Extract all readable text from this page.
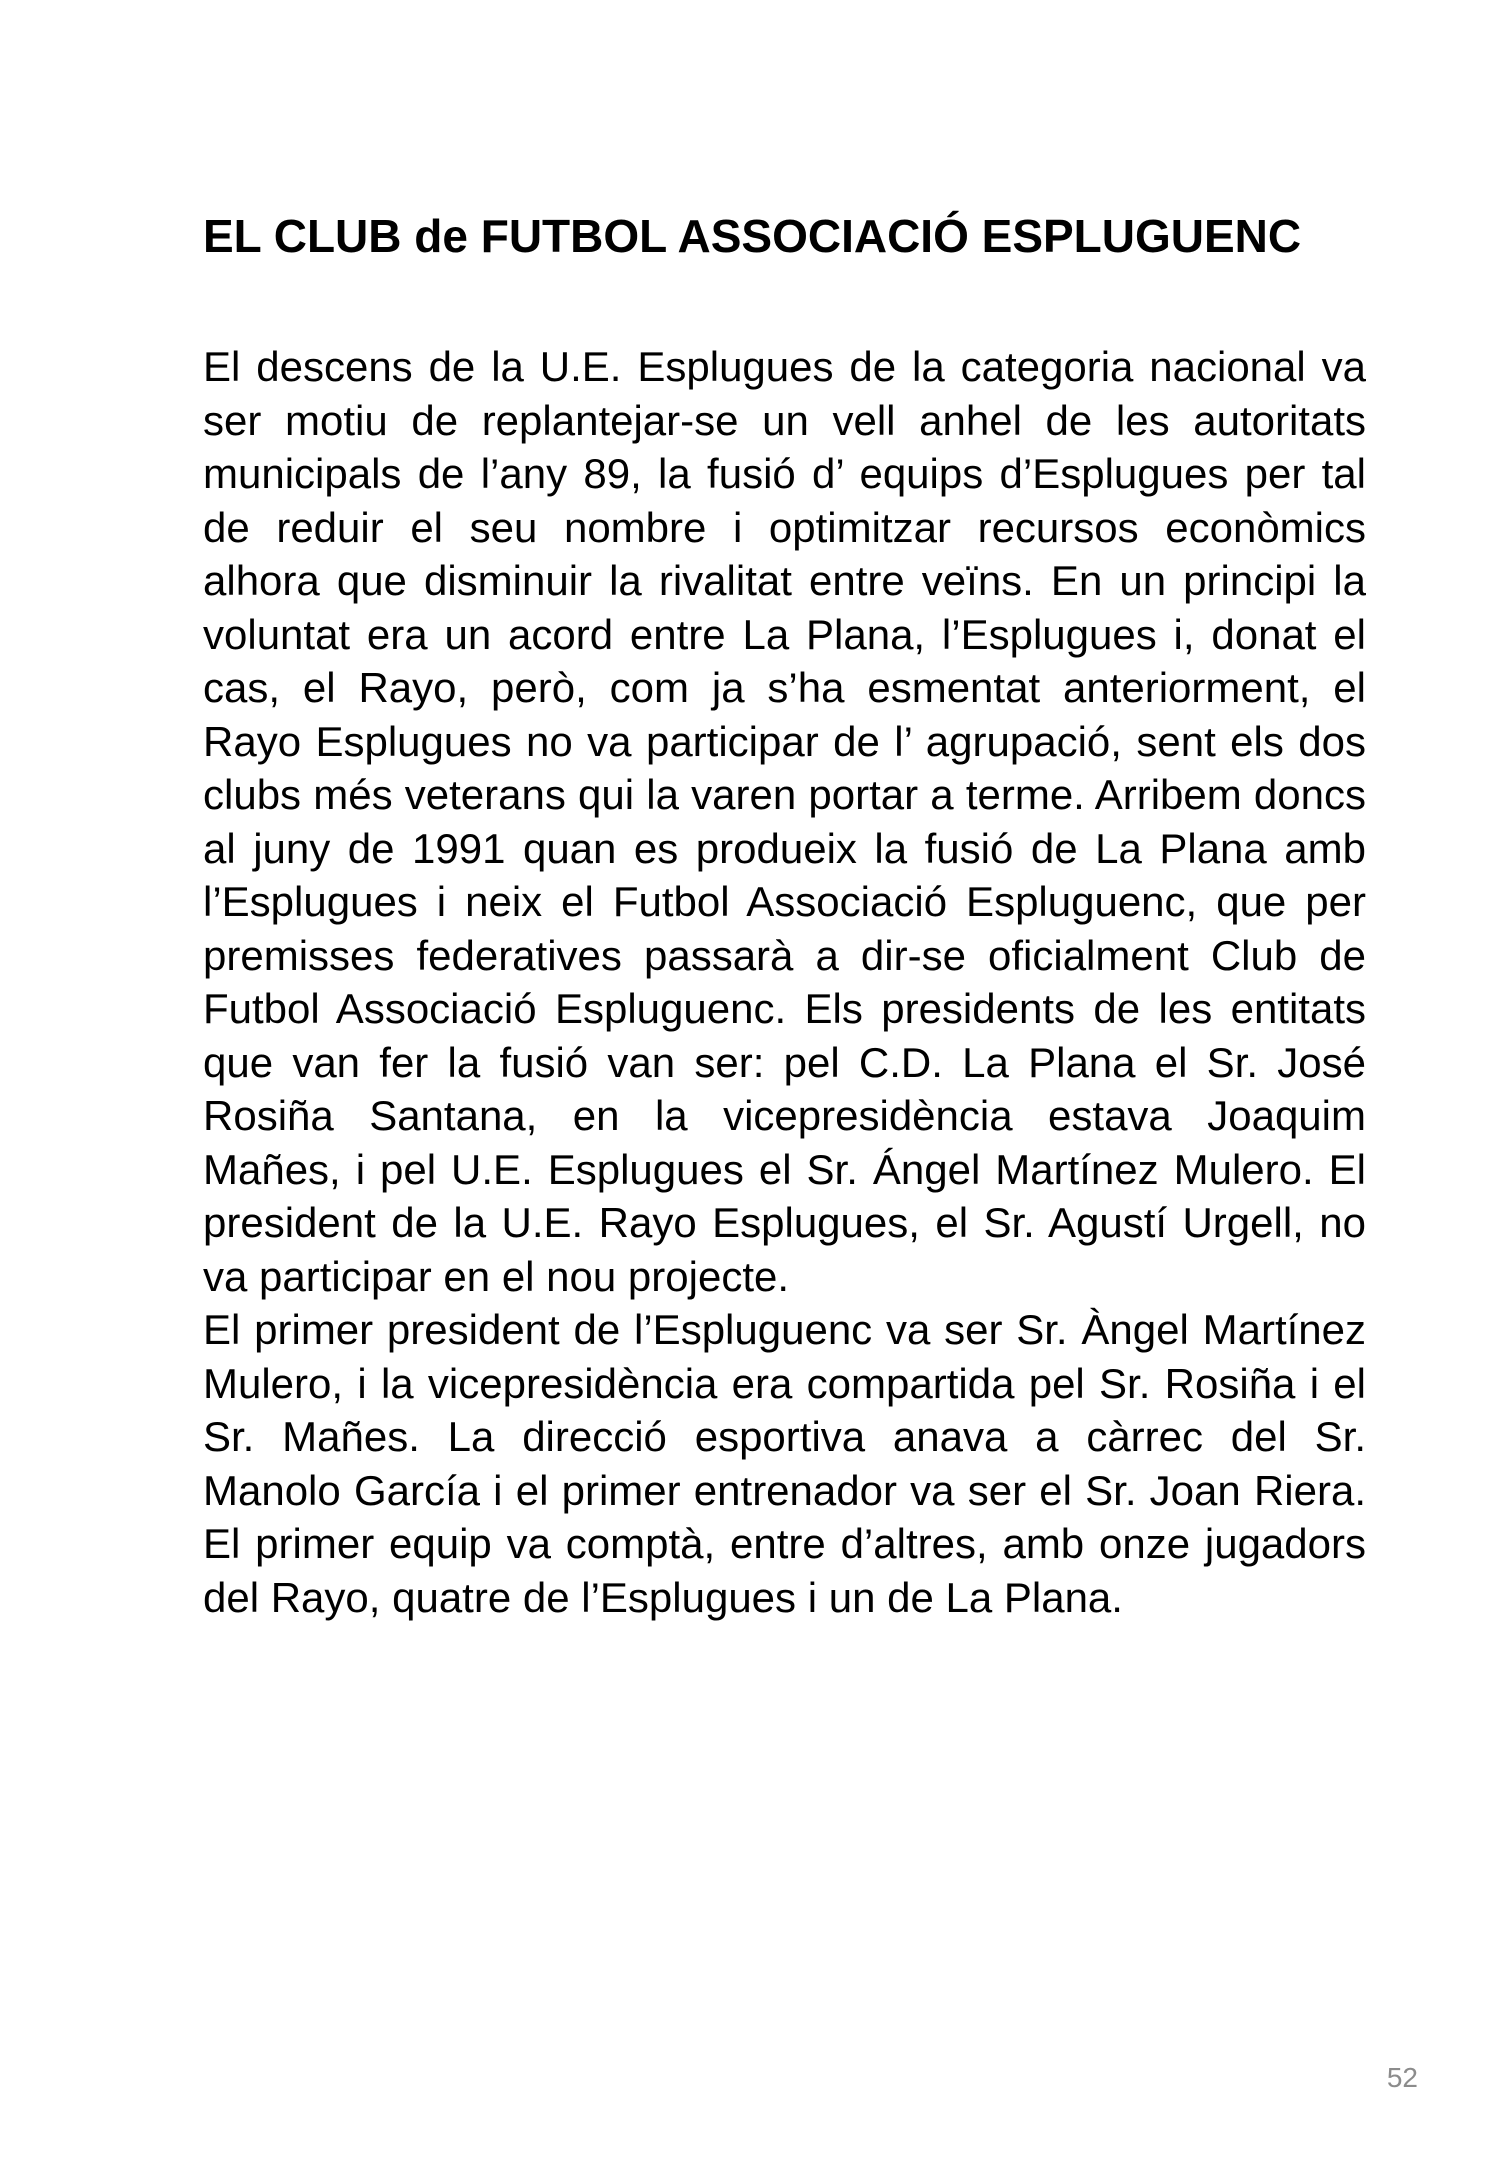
EL CLUB de FUTBOL ASSOCIACIÓ ESPLUGUENC

El descens de la U.E. Esplugues de la categoria nacional va ser motiu de replantejar-se un vell anhel de les autoritats municipals de l’any 89, la fusió d’ equips d’Esplugues per tal de reduir el seu nombre i optimitzar recursos econòmics alhora que disminuir la rivalitat entre veïns. En un principi la voluntat era un acord entre La Plana, l’Esplugues i, donat el cas, el Rayo, però, com ja s’ha esmentat anteriorment, el Rayo Esplugues no va participar de l’ agrupació, sent els dos clubs més veterans qui la varen portar a terme. Arribem doncs al juny de 1991 quan es produeix la fusió de La Plana amb l’Esplugues i neix el Futbol Associació Espluguenc, que per premisses federatives passarà a dir-se oficialment Club de Futbol Associació Espluguenc. Els presidents de les entitats que van fer la fusió van ser: pel C.D. La Plana el Sr. José Rosiña Santana, en la vicepresidència estava Joaquim Mañes, i pel U.E. Esplugues el Sr. Ángel Martínez Mulero. El president de la U.E. Rayo Esplugues, el Sr. Agustí Urgell, no va participar en el nou projecte.

El primer president de l’Espluguenc va ser Sr. Àngel Martínez Mulero, i la vicepresidència era compartida pel Sr. Rosiña i el Sr. Mañes. La direcció esportiva anava a càrrec del Sr. Manolo García i el primer entrenador va ser el Sr. Joan Riera. El primer equip va comptà, entre d’altres, amb onze jugadors del Rayo, quatre de l’Esplugues i un de La Plana.

52
